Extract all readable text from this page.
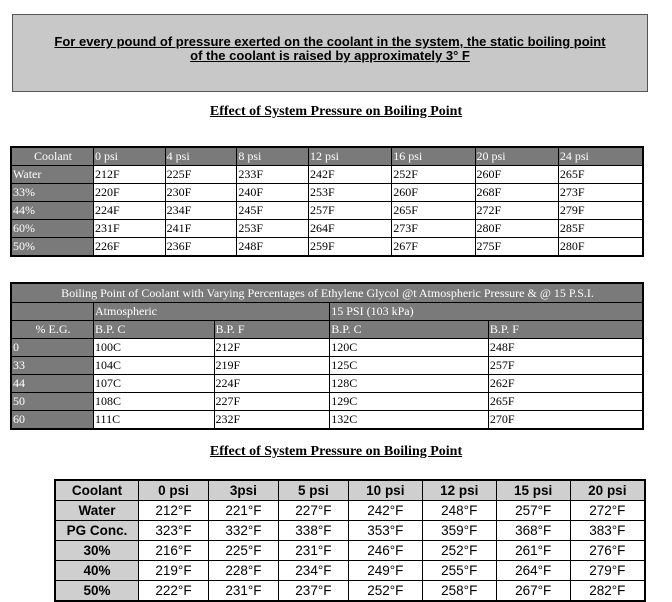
For every pound of pressure exerted on the coolant in the system, the static boiling point

of the coolant is raised by approximately 3° F

Effect of System Pressure on Boiling Point
Coolant	0 psi	4 psi	8 psi	12 psi	16 psi	20 psi	24 psi
Water	212F	225F	233F	242F	252F	260F	265F
33%	220F	230F	240F	253F	260F	268F	273F
44%	224F	234F	245F	257F	265F	272F	279F
60%	231F	241F	253F	264F	273F	280F	285F
50%	226F	236F	248F	259F	267F	275F	280F
Boiling Point of Coolant with Varying Percentages of Ethylene Glycol @t Atmospheric Pressure & @ 15 P.S.I.				
	Atmospheric		15 PSI (103 kPa)	
% E.G.	B.P. C	B.P. F	B.P. C	B.P. F
0	100C	212F	120C	248F
33	104C	219F	125C	257F
44	107C	224F	128C	262F
50	108C	227F	129C	265F
60	111C	232F	132C	270F
Effect of System Pressure on Boiling Point
Coolant	0 psi	3psi	5 psi	10 psi	12 psi	15 psi	20 psi
Water	212°F	221°F	227°F	242°F	248°F	257°F	272°F
PG Conc.	323°F	332°F	338°F	353°F	359°F	368°F	383°F
30%	216°F	225°F	231°F	246°F	252°F	261°F	276°F
40%	219°F	228°F	234°F	249°F	255°F	264°F	279°F
50%	222°F	231°F	237°F	252°F	258°F	267°F	282°F
